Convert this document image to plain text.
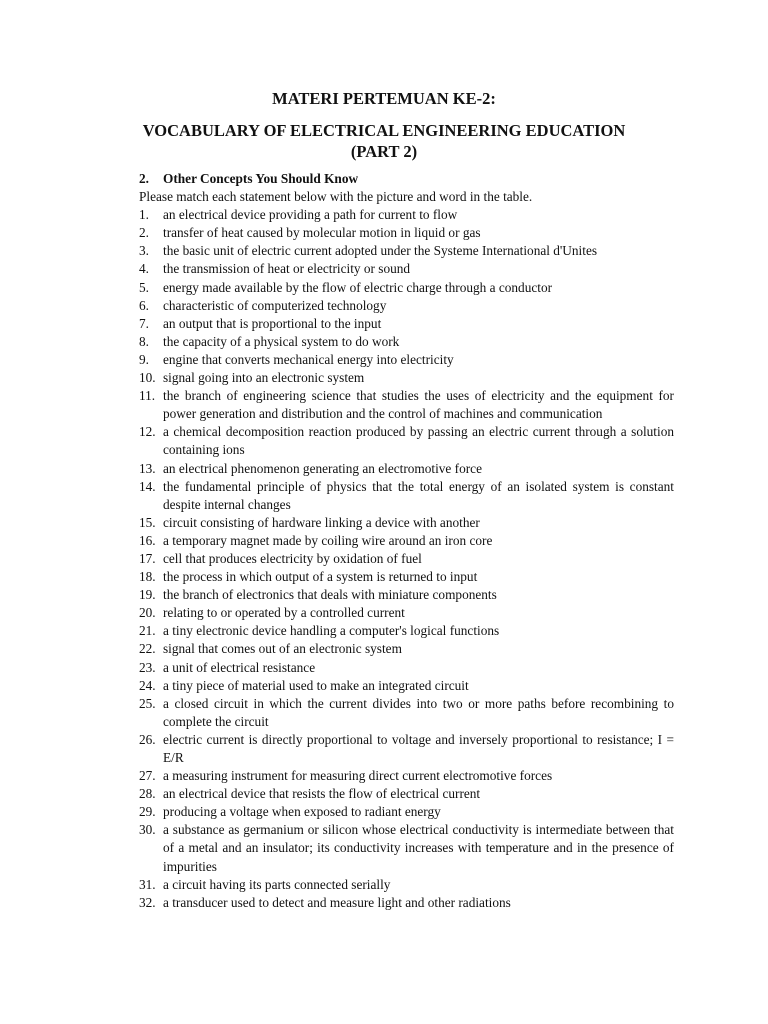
MATERI PERTEMUAN KE-2:
VOCABULARY OF ELECTRICAL ENGINEERING EDUCATION
(PART 2)
2.	Other Concepts You Should Know

Please match each statement below with the picture and word in the table.

1.	an electrical device providing a path for current to flow
2.	transfer of heat caused by molecular motion in liquid or gas
3.	the basic unit of electric current adopted under the Systeme International d'Unites
4.	the transmission of heat or electricity or sound
5.	energy made available by the flow of electric charge through a conductor
6.	characteristic of computerized technology
7.	an output that is proportional to the input
8.	the capacity of a physical system to do work
9.	engine that converts mechanical energy into electricity
10. signal going into an electronic system
11. the branch of engineering science that studies the uses of electricity and the equipment for power generation and distribution and the control of machines and communication
12. a chemical decomposition reaction produced by passing an electric current through a solution containing ions
13. an electrical phenomenon generating an electromotive force
14. the fundamental principle of physics that the total energy of an isolated system is constant despite internal changes
15. circuit consisting of hardware linking a device with another
16. a temporary magnet made by coiling wire around an iron core
17. cell that produces electricity by oxidation of fuel
18. the process in which output of a system is returned to input
19. the branch of electronics that deals with miniature components
20. relating to or operated by a controlled current
21. a tiny electronic device handling a computer's logical functions
22. signal that comes out of an electronic system
23. a unit of electrical resistance
24. a tiny piece of material used to make an integrated circuit
25. a closed circuit in which the current divides into two or more paths before recombining to complete the circuit
26. electric current is directly proportional to voltage and inversely proportional to resistance; I = E/R
27. a measuring instrument for measuring direct current electromotive forces
28. an electrical device that resists the flow of electrical current
29. producing a voltage when exposed to radiant energy
30. a substance as germanium or silicon whose electrical conductivity is intermediate between that of a metal and an insulator; its conductivity increases with temperature and in the presence of impurities
31. a circuit having its parts connected serially
32. a transducer used to detect and measure light and other radiations
